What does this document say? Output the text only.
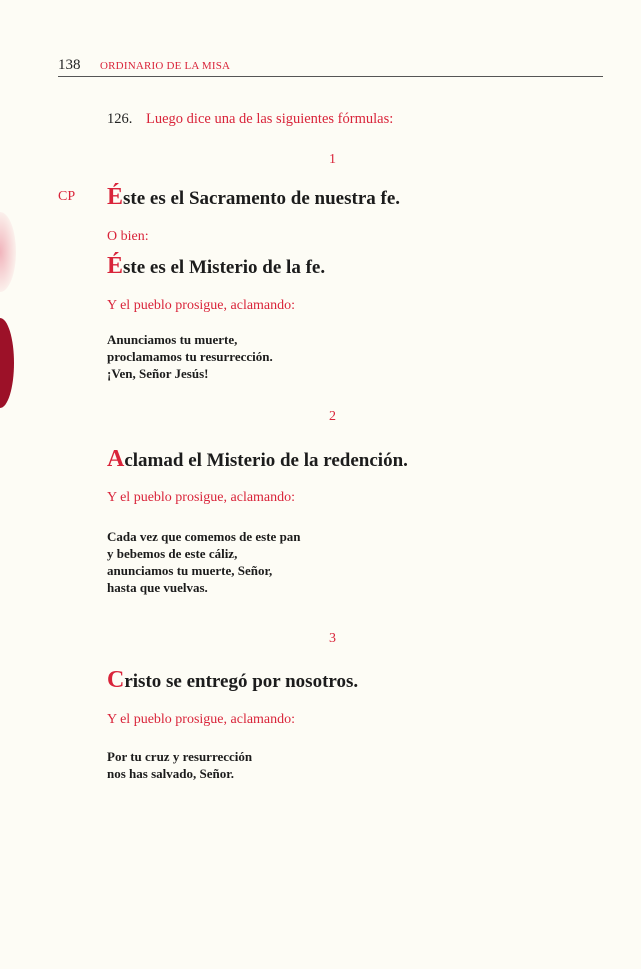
138 ORDINARIO DE LA MISA
126. Luego dice una de las siguientes fórmulas:
1
CP Éste es el Sacramento de nuestra fe.
O bien:
Éste es el Misterio de la fe.
Y el pueblo prosigue, aclamando:
Anunciamos tu muerte,
proclamamos tu resurrección.
¡Ven, Señor Jesús!
2
Aclamad el Misterio de la redención.
Y el pueblo prosigue, aclamando:
Cada vez que comemos de este pan
y bebemos de este cáliz,
anunciamos tu muerte, Señor,
hasta que vuelvas.
3
Cristo se entregó por nosotros.
Y el pueblo prosigue, aclamando:
Por tu cruz y resurrección
nos has salvado, Señor.
